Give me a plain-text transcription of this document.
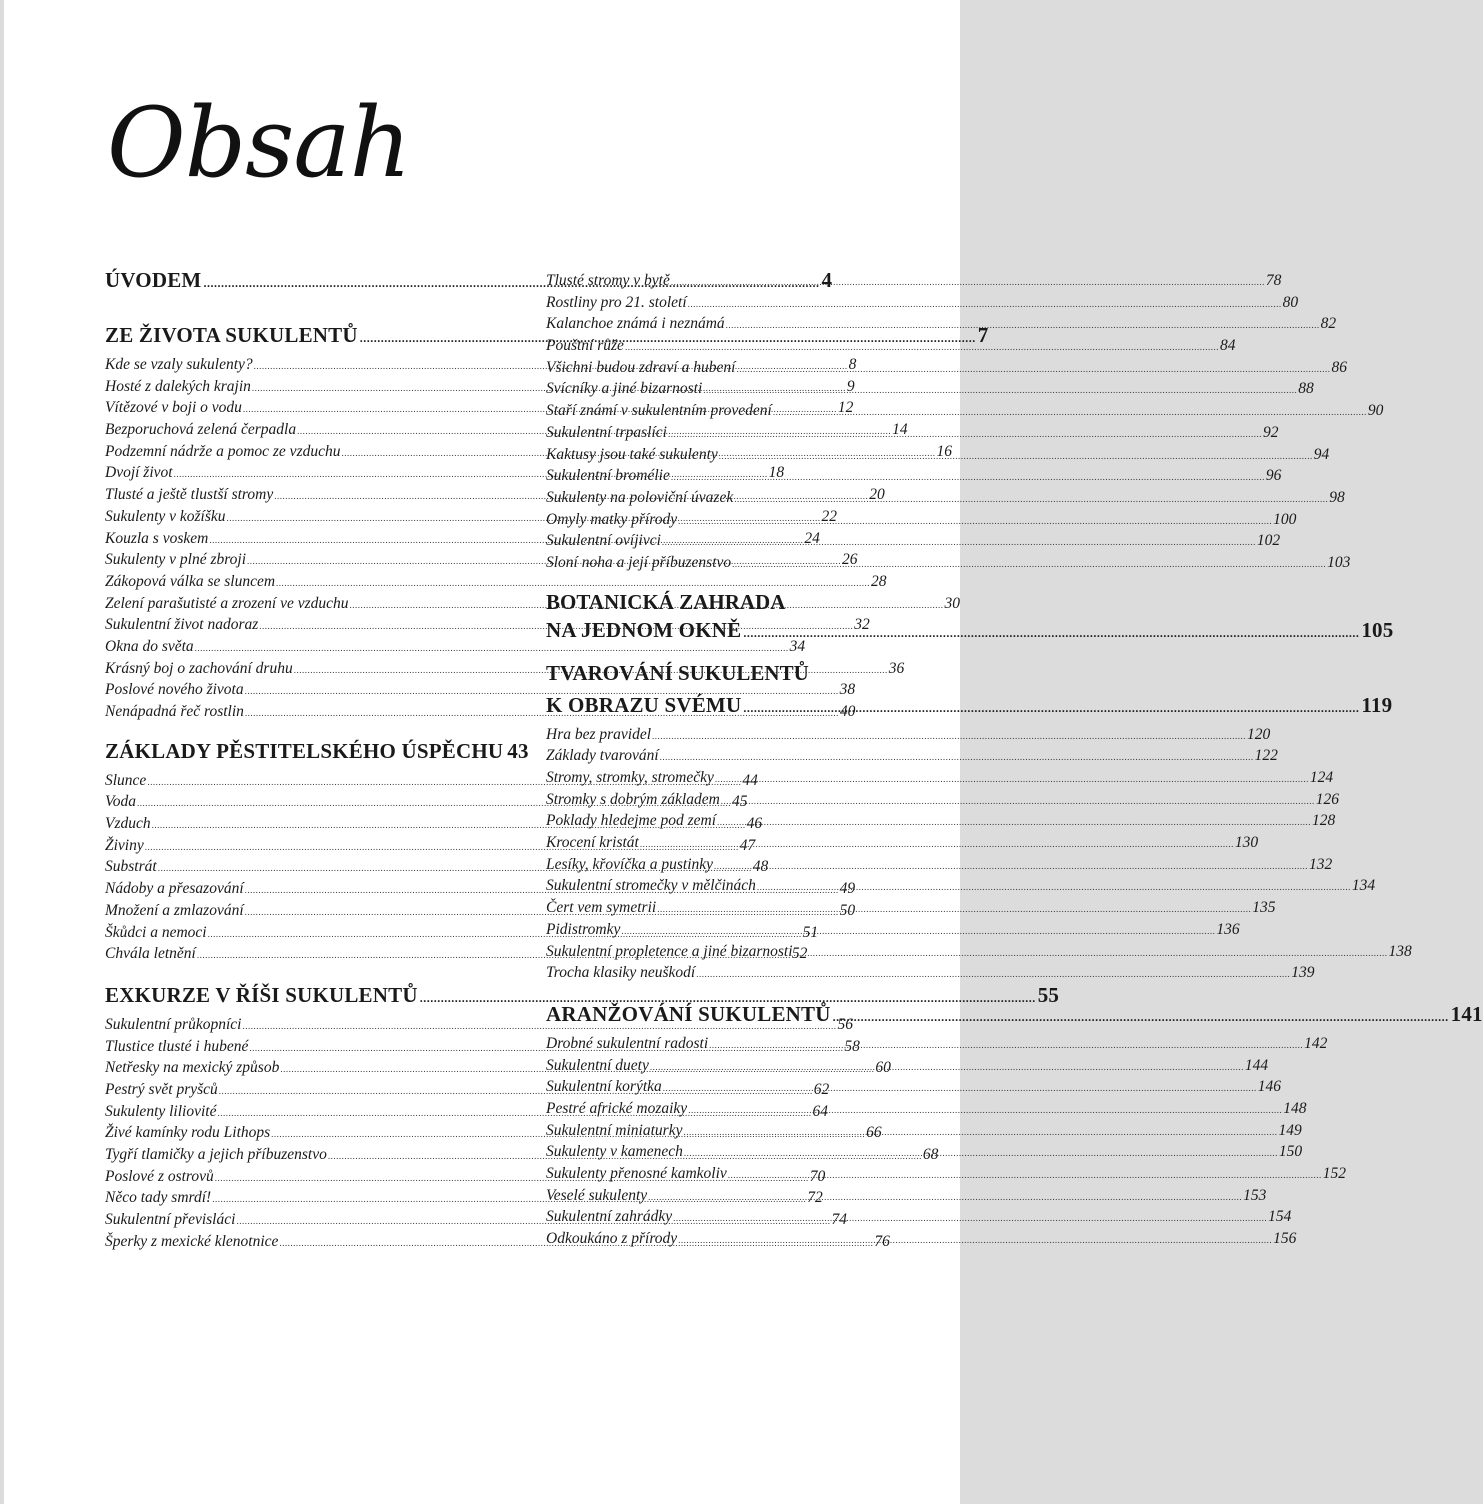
Obsah
ÚVODEM .....	4
ZE ŽIVOTA SUKULENTŮ .....	7
Kde se vzaly sukulenty? .....	8
Hosté z dalekých krajin .....	9
Vítězové v boji o vodu .....	12
Bezporuchová zelená čerpadla .....	14
Podzemní nádrže a pomoc ze vzduchu .....	16
Dvojí život .....	18
Tlusté a ještě tlustší stromy .....	20
Sukulenty v kožíšku .....	22
Kouzla s voskem .....	24
Sukulenty v plné zbroji .....	26
Zákopová válka se sluncem .....	28
Zelení parašutisté a zrození ve vzduchu .....	30
Sukulentní život nadoraz .....	32
Okna do světa .....	34
Krásný boj o zachování druhu .....	36
Poslové nového života .....	38
Nenápadná řeč rostlin .....	40
ZÁKLADY PĚSTITELSKÉHO ÚSPĚCHU 43
Slunce .....	44
Voda .....	45
Vzduch .....	46
Živiny .....	47
Substrát .....	48
Nádoby a přesazování .....	49
Množení a zmlazování .....	50
Škůdci a nemoci .....	51
Chvála letnění .....	52
EXKURZE V ŘÍŠI SUKULENTŮ .....	55
Sukulentní průkopníci .....	56
Tlustice tlusté i hubené .....	58
Netřesky na mexický způsob .....	60
Pestrý svět pryšců .....	62
Sukulenty liliovité .....	64
Živé kamínky rodu Lithops .....	66
Tygří tlamičky a jejich příbuzenstvo .....	68
Poslové z ostrovů .....	70
Něco tady smrdí! .....	72
Sukulentní převisláci .....	74
Šperky z mexické klenotnice .....	76
Tlusté stromy v bytě .....	78
Rostliny pro 21. století .....	80
Kalanchoe známá i neznámá .....	82
Pouštní růže .....	84
Všichni budou zdraví a hubení .....	86
Svícníky a jiné bizarnosti .....	88
Staří známí v sukulentním provedení .....	90
Sukulentní trpaslíci .....	92
Kaktusy jsou také sukulenty .....	94
Sukulentní bromélie .....	96
Sukulenty na poloviční úvazek .....	98
Omyly matky přírody .....	100
Sukulentní ovíjivci .....	102
Sloní noha a její příbuzenstvo .....	103
BOTANICKÁ ZAHRADA
NA JEDNOM OKNĚ .....	105
TVAROVÁNÍ SUKULENTŮ
K OBRAZU SVÉMU .....	119
Hra bez pravidel .....	120
Základy tvarování .....	122
Stromy, stromky, stromečky .....	124
Stromky s dobrým základem .....	126
Poklady hledejme pod zemí .....	128
Krocení kristát .....	130
Lesíky, křovíčka a pustinky .....	132
Sukulentní stromečky v mělčinách .....	134
Čert vem symetrii .....	135
Pidistromky .....	136
Sukulentní propletence a jiné bizarnosti .....	138
Trocha klasiky neuškodí .....	139
ARANŽOVÁNÍ SUKULENTŮ .....	141
Drobné sukulentní radosti .....	142
Sukulentní duety .....	144
Sukulentní korýtka .....	146
Pestré africké mozaiky .....	148
Sukulentní miniaturky .....	149
Sukulenty v kamenech .....	150
Sukulenty přenosné kamkoliv .....	152
Veselé sukulenty .....	153
Sukulentní zahrádky .....	154
Odkoukáno z přírody .....	156
